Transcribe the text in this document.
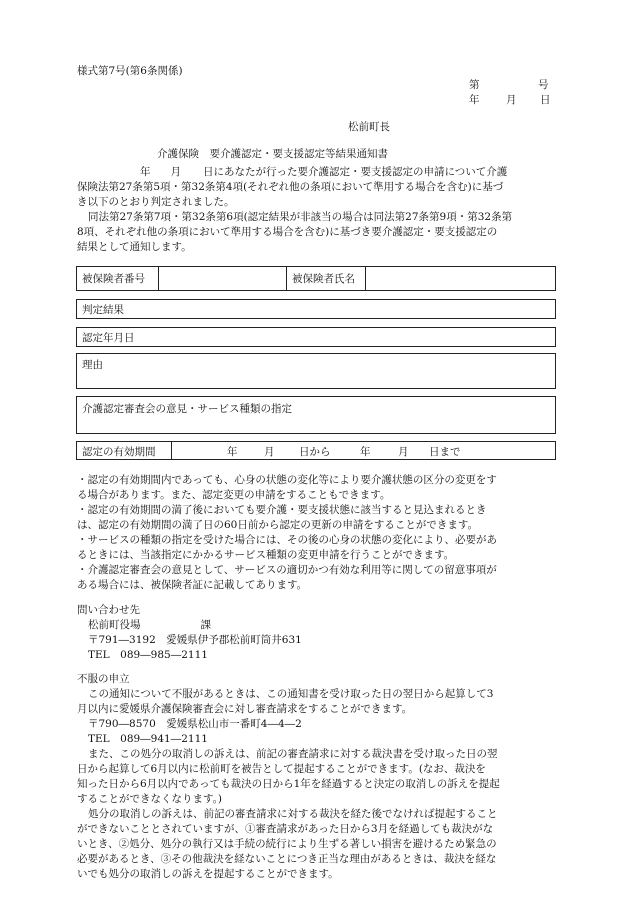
様式第7号(第6条関係)
第	号
年	月 日
松前町長
介護保険　要介護認定・要支援認定等結果通知書
年 月 日にあなたが行った要介護認定・要支援認定の申請について介護
保険法第27条第5項・第32条第4項(それぞれ他の条項において準用する場合を含む)に基づ
き以下のとおり判定されました。
同法第27条第7項・第32条第6項(認定結果が非該当の場合は同法第27条第9項・第32条第
8項、それぞれ他の条項において準用する場合を含む)に基づき要介護認定・要支援認定の
結果として通知します。
被保険者番号	被保険者氏名
判定結果
認定年月日
理由
介護認定審査会の意見・サービス種類の指定
認定の有効期間	年	月 日から	年	月 日まで
・認定の有効期間内であっても、心身の状態の変化等により要介護状態の区分の変更をす
る場合があります。また、認定変更の申請をすることもできます。
・認定の有効期間の満了後においても要介護・要支援状態に該当すると見込まれるとき
は、認定の有効期間の満了日の60日前から認定の更新の申請をすることができます。
・サービスの種類の指定を受けた場合には、その後の心身の状態の変化により、必要があ
るときには、当該指定にかかるサービス種類の変更申請を行うことができます。
・介護認定審査会の意見として、サービスの適切かつ有効な利用等に関しての留意事項が
ある場合には、被保険者証に記載してあります。
問い合わせ先
松前町役場	課
〒791―3192　愛媛県伊予郡松前町筒井631
TEL　089―985―2111
不服の申立
この通知について不服があるときは、この通知書を受け取った日の翌日から起算して3
月以内に愛媛県介護保険審査会に対し審査請求をすることができます。
〒790―8570　愛媛県松山市一番町4―4―2
TEL　089―941―2111
また、この処分の取消しの訴えは、前記の審査請求に対する裁決書を受け取った日の翌
日から起算して6月以内に松前町を被告として提起することができます。(なお、裁決を
知った日から6月以内であっても裁決の日から1年を経過すると決定の取消しの訴えを提起
することができなくなります。)
処分の取消しの訴えは、前記の審査請求に対する裁決を経た後でなければ提起すること
ができないこととされていますが、①審査請求があった日から3月を経過しても裁決がな
いとき、②処分、処分の執行又は手続の続行により生ずる著しい損害を避けるため緊急の
必要があるとき、③その他裁決を経ないことにつき正当な理由があるときは、裁決を経な
いでも処分の取消しの訴えを提起することができます。
